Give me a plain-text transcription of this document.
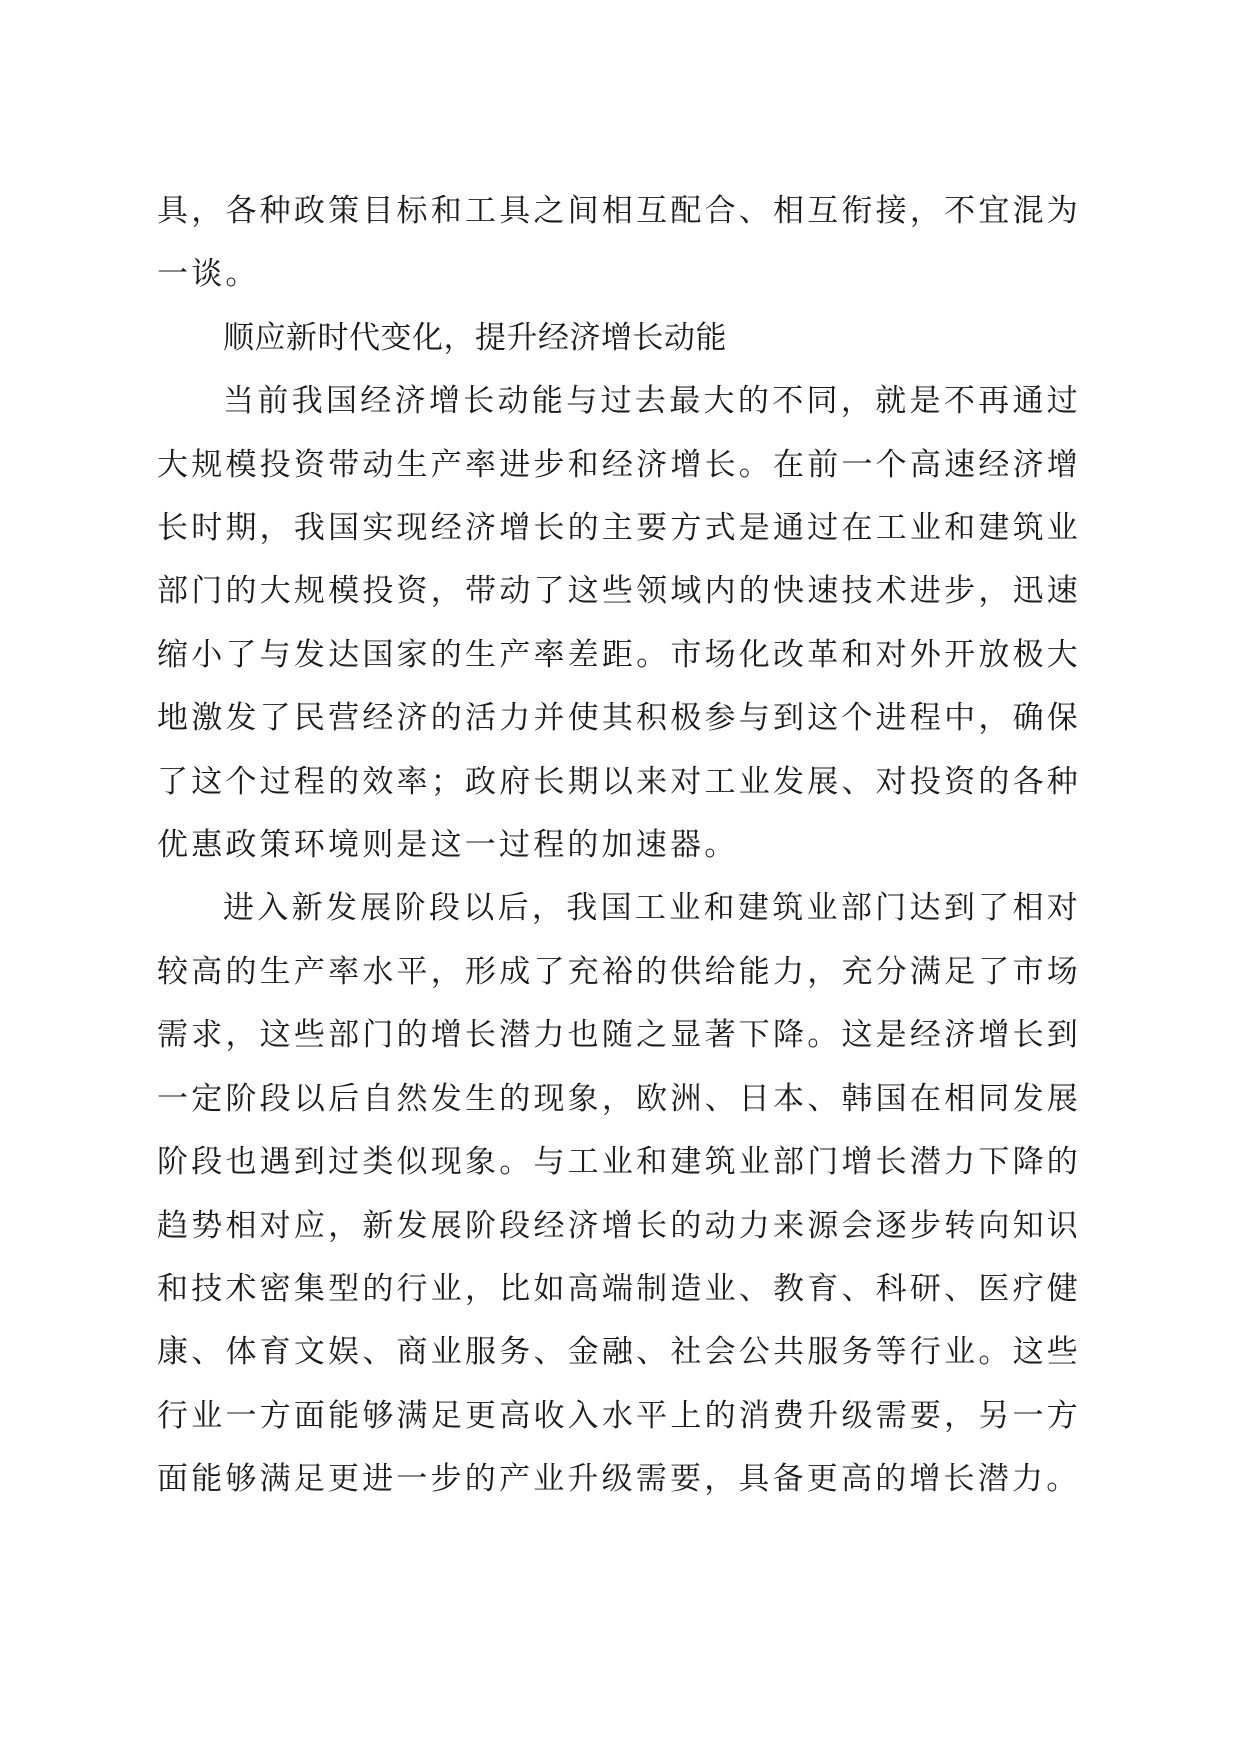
具，各种政策目标和工具之间相互配合、相互衔接，不宜混为一谈。

顺应新时代变化，提升经济增长动能

当前我国经济增长动能与过去最大的不同，就是不再通过大规模投资带动生产率进步和经济增长。在前一个高速经济增长时期，我国实现经济增长的主要方式是通过在工业和建筑业部门的大规模投资，带动了这些领域内的快速技术进步，迅速缩小了与发达国家的生产率差距。市场化改革和对外开放极大地激发了民营经济的活力并使其积极参与到这个进程中，确保了这个过程的效率；政府长期以来对工业发展、对投资的各种优惠政策环境则是这一过程的加速器。

进入新发展阶段以后，我国工业和建筑业部门达到了相对较高的生产率水平，形成了充裕的供给能力，充分满足了市场需求，这些部门的增长潜力也随之显著下降。这是经济增长到一定阶段以后自然发生的现象，欧洲、日本、韩国在相同发展阶段也遇到过类似现象。与工业和建筑业部门增长潜力下降的趋势相对应，新发展阶段经济增长的动力来源会逐步转向知识和技术密集型的行业，比如高端制造业、教育、科研、医疗健康、体育文娱、商业服务、金融、社会公共服务等行业。这些行业一方面能够满足更高收入水平上的消费升级需要，另一方面能够满足更进一步的产业升级需要，具备更高的增长潜力。
